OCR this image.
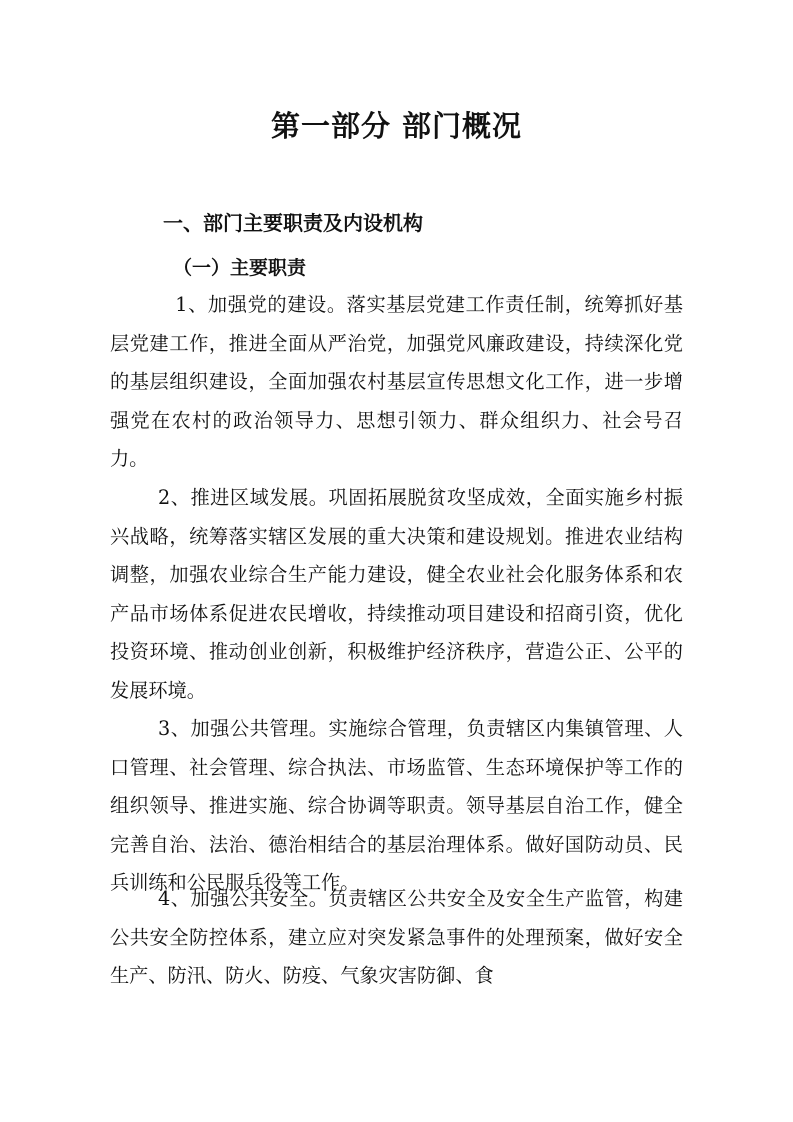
第一部分 部门概况
一、部门主要职责及内设机构
（一）主要职责

1、加强党的建设。落实基层党建工作责任制，统筹抓好基层党建工作，推进全面从严治党，加强党风廉政建设，持续深化党的基层组织建设，全面加强农村基层宣传思想文化工作，进一步增强党在农村的政治领导力、思想引领力、群众组织力、社会号召力。

2、推进区域发展。巩固拓展脱贫攻坚成效，全面实施乡村振兴战略，统筹落实辖区发展的重大决策和建设规划。推进农业结构调整，加强农业综合生产能力建设，健全农业社会化服务体系和农产品市场体系促进农民增收，持续推动项目建设和招商引资，优化投资环境、推动创业创新，积极维护经济秩序，营造公正、公平的发展环境。

3、加强公共管理。实施综合管理，负责辖区内集镇管理、人口管理、社会管理、综合执法、市场监管、生态环境保护等工作的组织领导、推进实施、综合协调等职责。领导基层自治工作，健全完善自治、法治、德治相结合的基层治理体系。做好国防动员、民兵训练和公民服兵役等工作。

4、加强公共安全。负责辖区公共安全及安全生产监管，构建公共安全防控体系，建立应对突发紧急事件的处理预案，做好安全生产、防汛、防火、防疫、气象灾害防御、食
